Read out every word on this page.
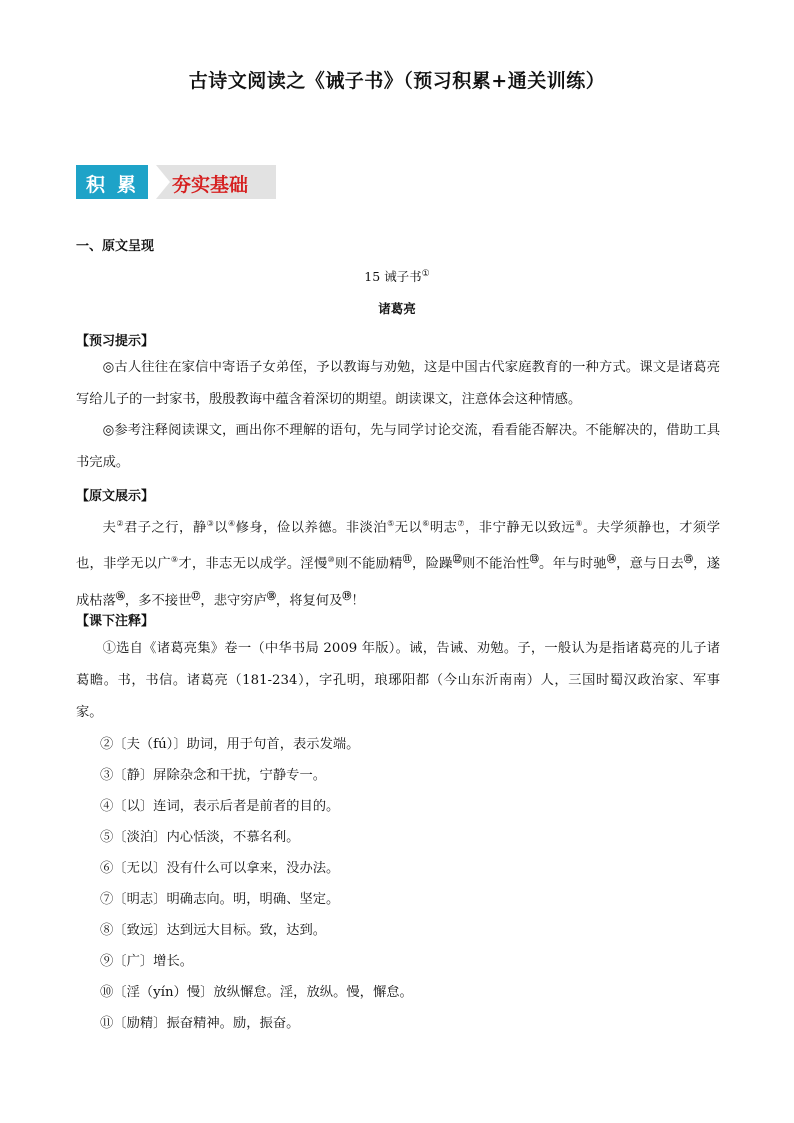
古诗文阅读之《诫子书》（预习积累+通关训练）
积累	夯实基础
一、原文呈现
15 诫子书①
诸葛亮
【预习提示】

◎古人往往在家信中寄语子女弟侄，予以教诲与劝勉，这是中国古代家庭教育的一种方式。课文是诸葛亮写给儿子的一封家书，殷殷教诲中蕴含着深切的期望。朗读课文，注意体会这种情感。

◎参考注释阅读课文，画出你不理解的语句，先与同学讨论交流，看看能否解决。不能解决的，借助工具书完成。

【原文展示】

夫②君子之行，静③以④修身，俭以养德。非淡泊⑤无以⑥明志⑦，非宁静无以致远⑧。夫学须静也，才须学也，非学无以广⑨才，非志无以成学。淫慢⑩则不能励精⑪，险躁⑫则不能治性⑬。年与时驰⑭，意与日去⑮，遂成枯落⑯，多不接世⑰，悲守穷庐⑱，将复何及⑲！

【课下注释】

①选自《诸葛亮集》卷一（中华书局 2009 年版）。诫，告诫、劝勉。子，一般认为是指诸葛亮的儿子诸葛瞻。书，书信。诸葛亮（181-234），字孔明，琅琊阳都（今山东沂南南）人，三国时蜀汉政治家、军事家。

②〔夫（fú）〕助词，用于句首，表示发端。
③〔静〕屏除杂念和干扰，宁静专一。
④〔以〕连词，表示后者是前者的目的。
⑤〔淡泊〕内心恬淡，不慕名利。
⑥〔无以〕没有什么可以拿来，没办法。
⑦〔明志〕明确志向。明，明确、坚定。
⑧〔致远〕达到远大目标。致，达到。
⑨〔广〕增长。
⑩〔淫（yín）慢〕放纵懈怠。淫，放纵。慢，懈怠。
⑪〔励精〕振奋精神。励，振奋。
